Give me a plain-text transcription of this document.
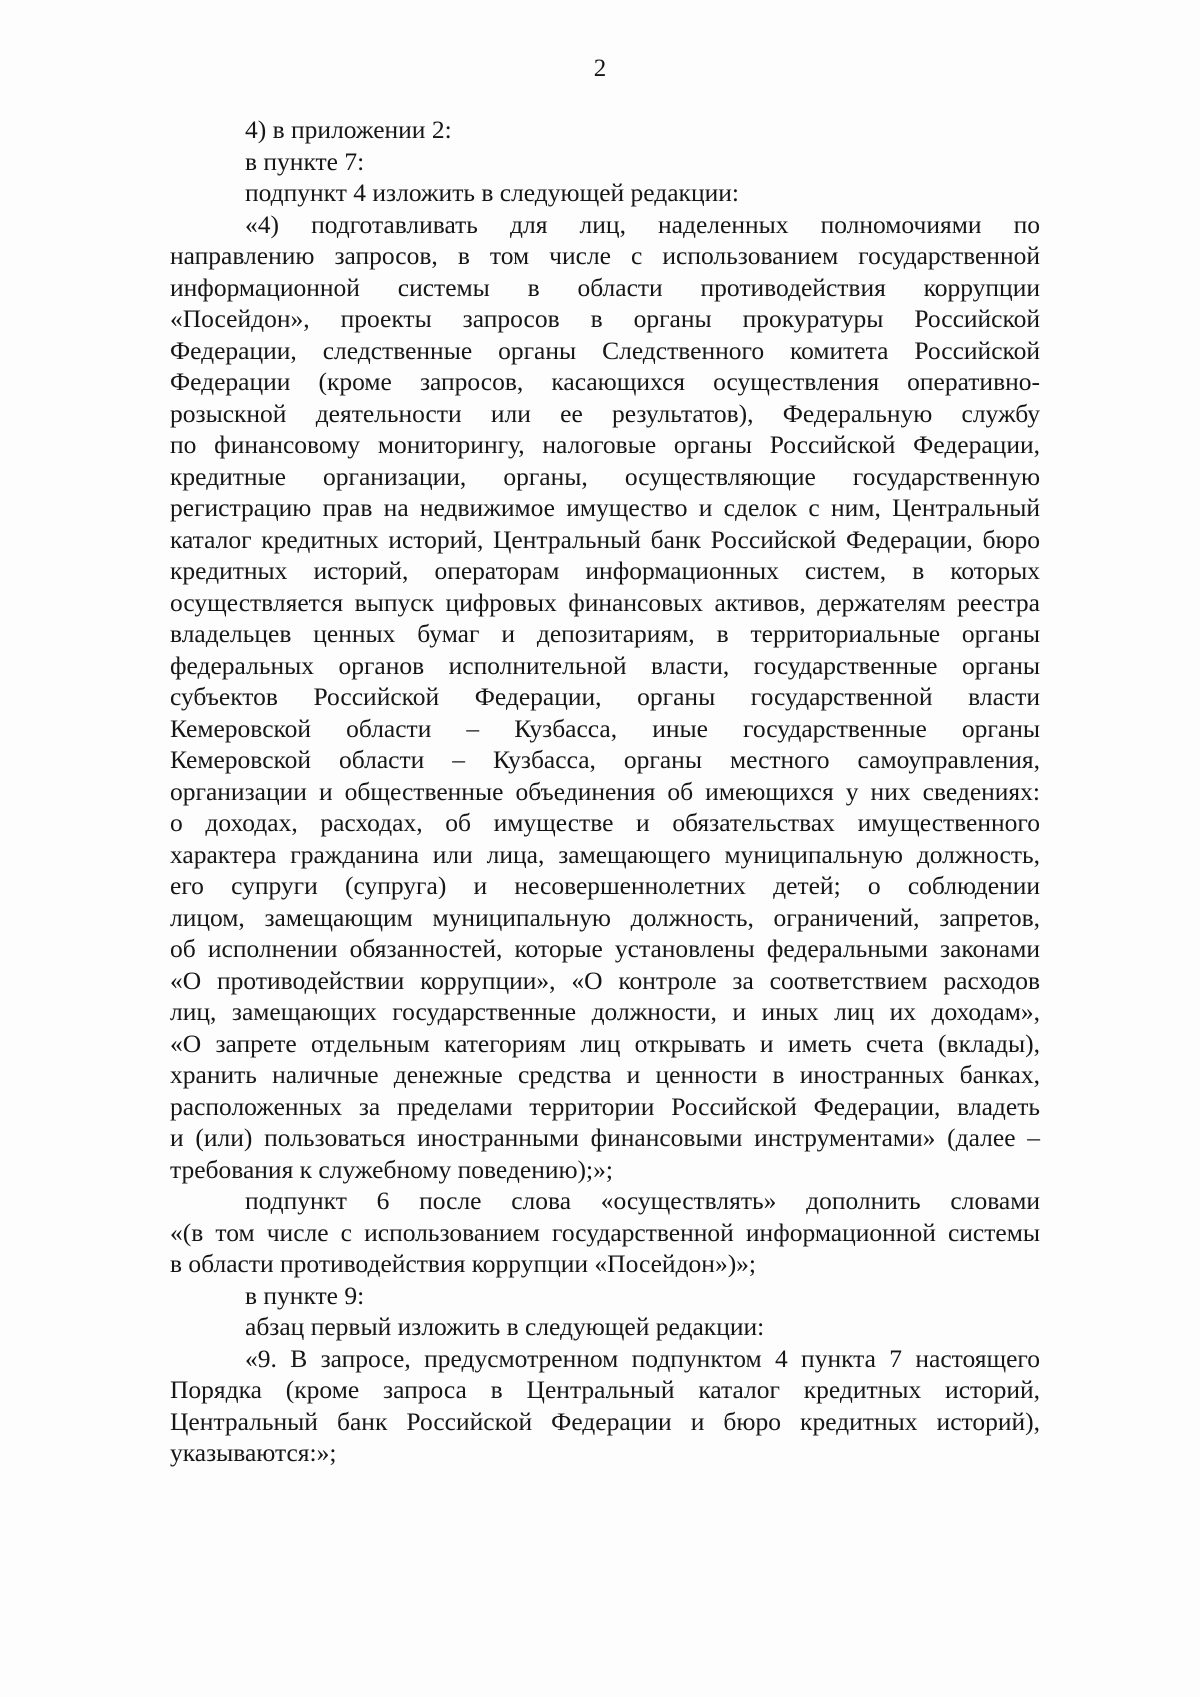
2
4) в приложении 2:
в пункте 7:
подпункт 4 изложить в следующей редакции:
«4) подготавливать для лиц, наделенных полномочиями по
направлению запросов, в том числе с использованием государственной
информационной системы в области противодействия коррупции
«Посейдон», проекты запросов в органы прокуратуры Российской
Федерации, следственные органы Следственного комитета Российской
Федерации (кроме запросов, касающихся осуществления оперативно-
розыскной деятельности или ее результатов), Федеральную службу
по финансовому мониторингу, налоговые органы Российской Федерации,
кредитные организации, органы, осуществляющие государственную
регистрацию прав на недвижимое имущество и сделок с ним, Центральный
каталог кредитных историй, Центральный банк Российской Федерации, бюро
кредитных историй, операторам информационных систем, в которых
осуществляется выпуск цифровых финансовых активов, держателям реестра
владельцев ценных бумаг и депозитариям, в территориальные органы
федеральных органов исполнительной власти, государственные органы
субъектов Российской Федерации, органы государственной власти
Кемеровской области – Кузбасса, иные государственные органы
Кемеровской области – Кузбасса, органы местного самоуправления,
организации и общественные объединения об имеющихся у них сведениях:
о доходах, расходах, об имуществе и обязательствах имущественного
характера гражданина или лица, замещающего муниципальную должность,
его супруги (супруга) и несовершеннолетних детей; о соблюдении
лицом, замещающим муниципальную должность, ограничений, запретов,
об исполнении обязанностей, которые установлены федеральными законами
«О противодействии коррупции», «О контроле за соответствием расходов
лиц, замещающих государственные должности, и иных лиц их доходам»,
«О запрете отдельным категориям лиц открывать и иметь счета (вклады),
хранить наличные денежные средства и ценности в иностранных банках,
расположенных за пределами территории Российской Федерации, владеть
и (или) пользоваться иностранными финансовыми инструментами» (далее –
требования к служебному поведению);»;
подпункт 6 после слова «осуществлять» дополнить словами
«(в том числе с использованием государственной информационной системы
в области противодействия коррупции «Посейдон»)»;
в пункте 9:
абзац первый изложить в следующей редакции:
«9. В запросе, предусмотренном подпунктом 4 пункта 7 настоящего
Порядка (кроме запроса в Центральный каталог кредитных историй,
Центральный банк Российской Федерации и бюро кредитных историй),
указываются:»;
